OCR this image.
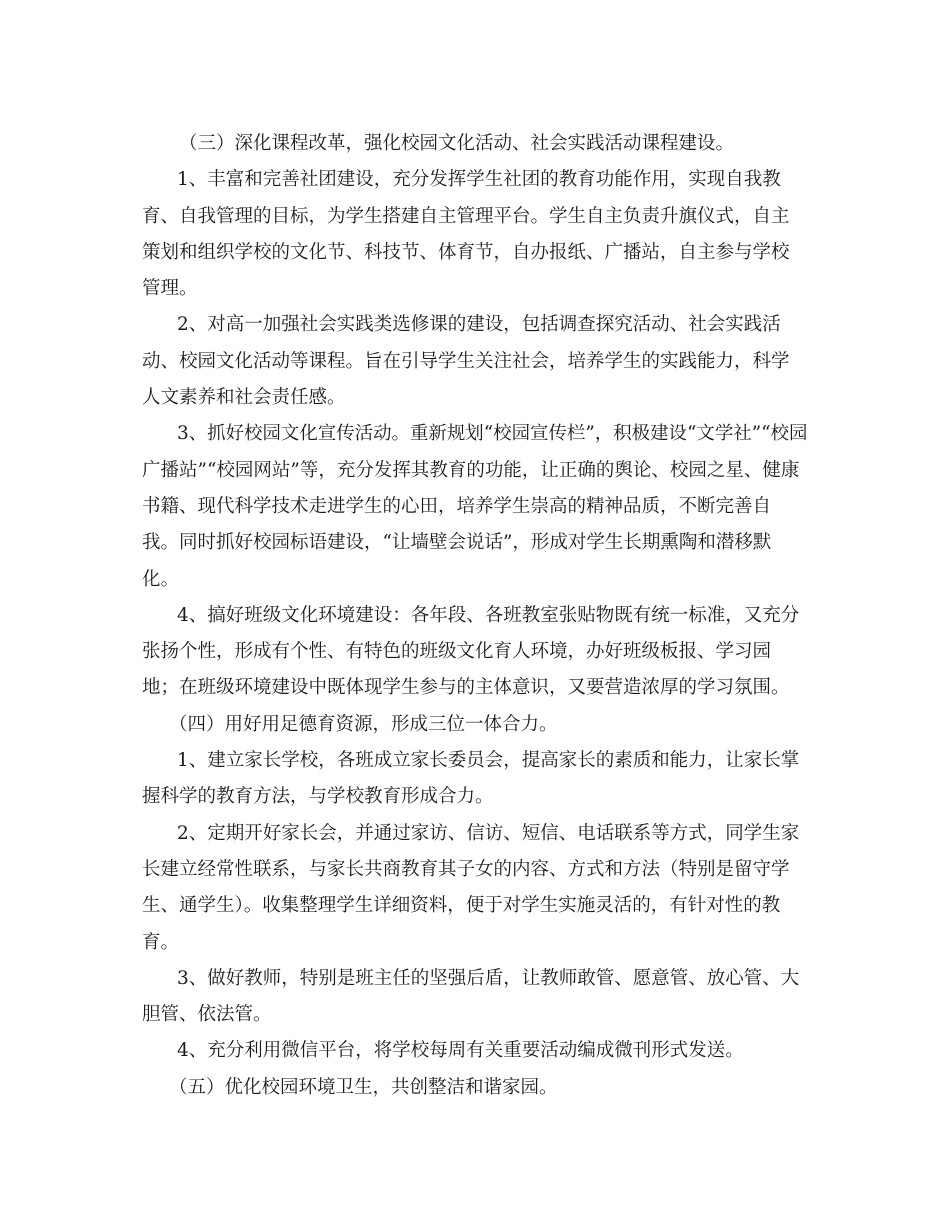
（三）深化课程改革，强化校园文化活动、社会实践活动课程建设。
1、丰富和完善社团建设，充分发挥学生社团的教育功能作用，实现自我教
育、自我管理的目标，为学生搭建自主管理平台。学生自主负责升旗仪式，自主
策划和组织学校的文化节、科技节、体育节，自办报纸、广播站，自主参与学校
管理。
2、对高一加强社会实践类选修课的建设，包括调查探究活动、社会实践活
动、校园文化活动等课程。旨在引导学生关注社会，培养学生的实践能力，科学
人文素养和社会责任感。
3、抓好校园文化宣传活动。重新规划“校园宣传栏”，积极建设“文学社”“校园
广播站”“校园网站”等，充分发挥其教育的功能，让正确的舆论、校园之星、健康
书籍、现代科学技术走进学生的心田，培养学生崇高的精神品质，不断完善自
我。同时抓好校园标语建设，“让墙壁会说话”，形成对学生长期熏陶和潜移默
化。
4、搞好班级文化环境建设：各年段、各班教室张贴物既有统一标准，又充分
张扬个性，形成有个性、有特色的班级文化育人环境，办好班级板报、学习园
地；在班级环境建设中既体现学生参与的主体意识，又要营造浓厚的学习氛围。
（四）用好用足德育资源，形成三位一体合力。
1、建立家长学校，各班成立家长委员会，提高家长的素质和能力，让家长掌
握科学的教育方法，与学校教育形成合力。
2、定期开好家长会，并通过家访、信访、短信、电话联系等方式，同学生家
长建立经常性联系，与家长共商教育其子女的内容、方式和方法（特别是留守学
生、通学生）。收集整理学生详细资料，便于对学生实施灵活的，有针对性的教
育。
3、做好教师，特别是班主任的坚强后盾，让教师敢管、愿意管、放心管、大
胆管、依法管。
4、充分利用微信平台，将学校每周有关重要活动编成微刊形式发送。
（五）优化校园环境卫生，共创整洁和谐家园。
